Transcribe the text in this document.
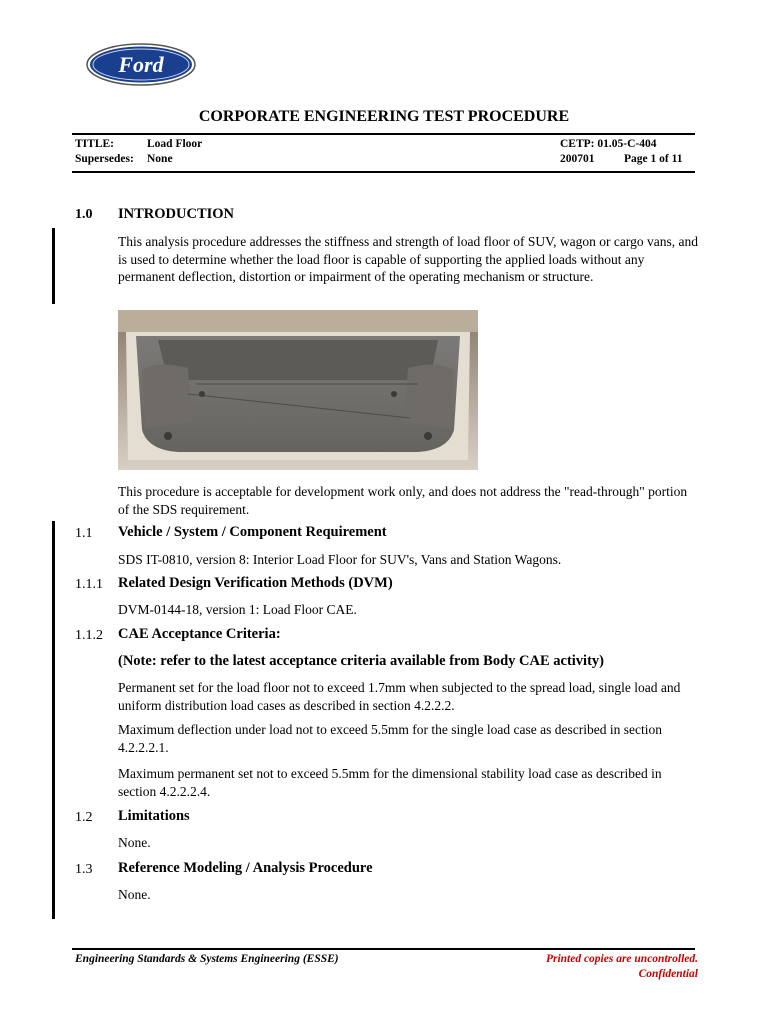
Ford
CORPORATE ENGINEERING TEST PROCEDURE
TITLE:	Load Floor	CETP: 01.05-C-404
Supersedes: None	200701	Page 1 of 11
1.0 INTRODUCTION
This analysis procedure addresses the stiffness and strength of load floor of SUV, wagon or cargo vans, and is used to determine whether the load floor is capable of supporting the applied loads without any permanent deflection, distortion or impairment of the operating mechanism or structure.
This procedure is acceptable for development work only, and does not address the "read-through" portion of the SDS requirement.
1.1 Vehicle / System / Component Requirement
SDS IT-0810, version 8: Interior Load Floor for SUV's, Vans and Station Wagons.
1.1.1 Related Design Verification Methods (DVM)
DVM-0144-18, version 1: Load Floor CAE.
1.1.2 CAE Acceptance Criteria:
(Note: refer to the latest acceptance criteria available from Body CAE activity)
Permanent set for the load floor not to exceed 1.7mm when subjected to the spread load, single load and uniform distribution load cases as described in section 4.2.2.2.
Maximum deflection under load not to exceed 5.5mm for the single load case as described in section 4.2.2.2.1.
Maximum permanent set not to exceed 5.5mm for the dimensional stability load case as described in section 4.2.2.2.4.
1.2 Limitations
None.
1.3 Reference Modeling / Analysis Procedure
None.
Engineering Standards & Systems Engineering (ESSE)	Printed copies are uncontrolled.
Confidential
